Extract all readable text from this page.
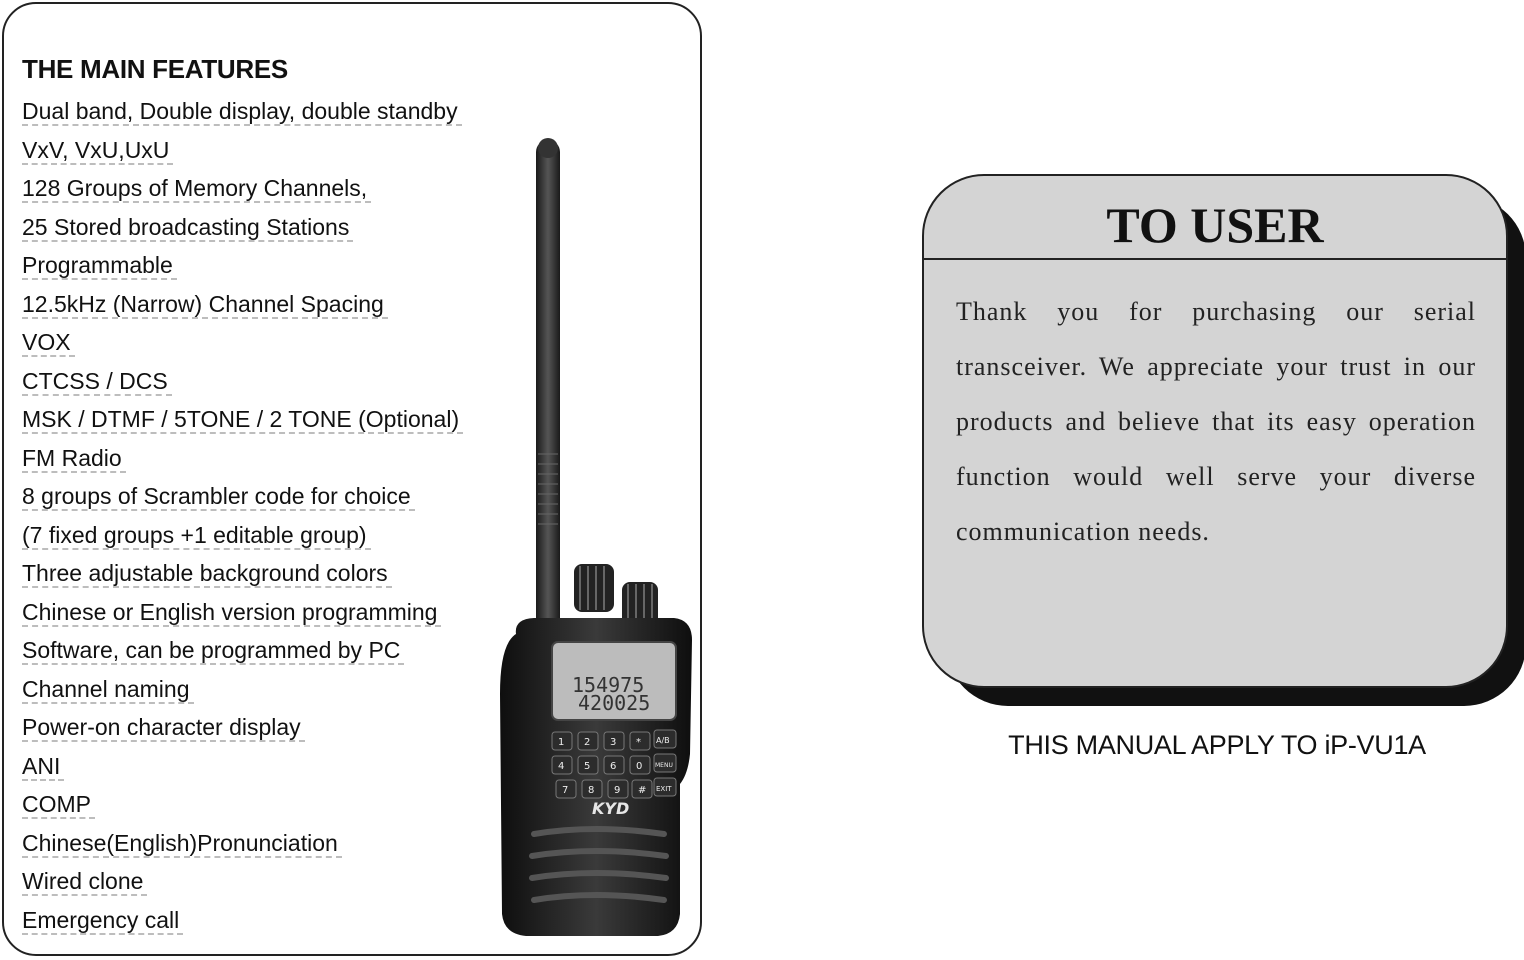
THE MAIN FEATURES
Dual band, Double display, double standby
VxV, VxU,UxU
128 Groups of Memory Channels,
25 Stored broadcasting Stations
Programmable
12.5kHz (Narrow) Channel Spacing
VOX
CTCSS / DCS
MSK / DTMF / 5TONE / 2 TONE (Optional)
FM Radio
8 groups of Scrambler code for choice
(7 fixed groups +1 editable group)
Three adjustable background colors
Chinese or English version programming
Software, can be programmed by PC
Channel naming
Power-on character display
ANI
COMP
Chinese(English)Pronunciation
Wired clone
Emergency call
154975
420025
1 2 3 * A/B
4 5 6 0 MENU
7 8 9 # EXIT
KYD
TO USER
Thank you for purchasing our serial transceiver. We appreciate your trust in our products and believe that its easy operation function would well serve your diverse communication needs.
THIS MANUAL APPLY TO iP-VU1A
